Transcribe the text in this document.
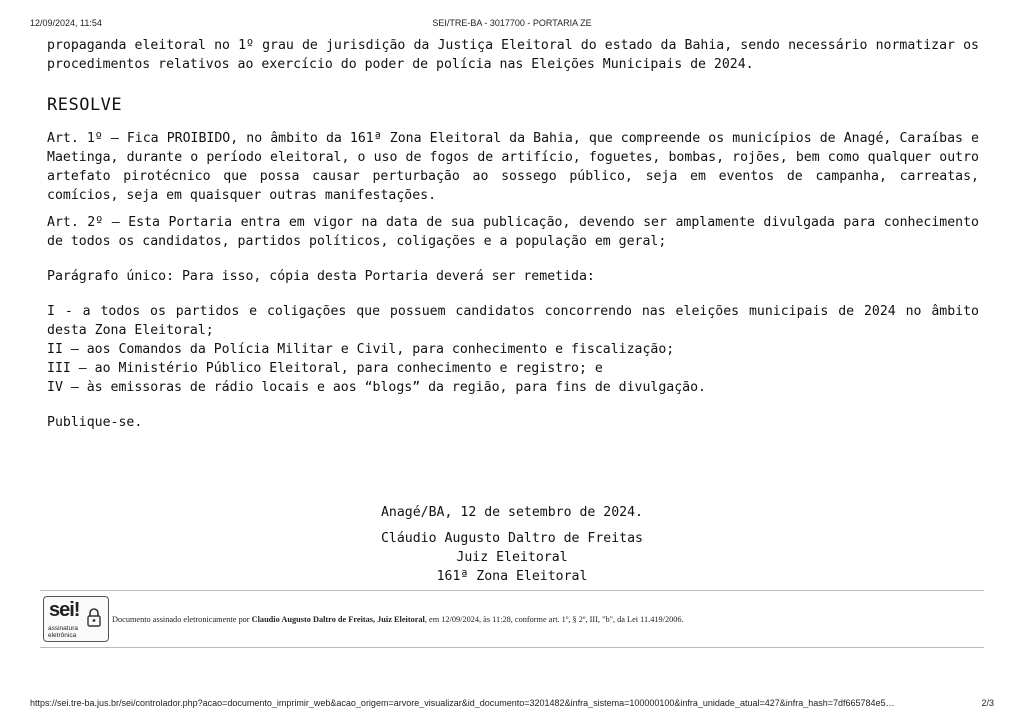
12/09/2024, 11:54	SEI/TRE-BA - 3017700 - PORTARIA ZE

propaganda eleitoral no 1º grau de jurisdição da Justiça Eleitoral do estado da Bahia, sendo necessário normatizar os procedimentos relativos ao exercício do poder de polícia nas Eleições Municipais de 2024.

RESOLVE

Art. 1º – Fica PROIBIDO, no âmbito da 161ª Zona Eleitoral da Bahia, que compreende os municípios de Anagé, Caraíbas e Maetinga, durante o período eleitoral, o uso de fogos de artifício, foguetes, bombas, rojões, bem como qualquer outro artefato pirotécnico que possa causar perturbação ao sossego público, seja em eventos de campanha, carreatas, comícios, seja em quaisquer outras manifestações.

Art. 2º – Esta Portaria entra em vigor na data de sua publicação, devendo ser amplamente divulgada para conhecimento de todos os candidatos, partidos políticos, coligações e a população em geral;

Parágrafo único: Para isso, cópia desta Portaria deverá ser remetida:

I - a todos os partidos e coligações que possuem candidatos concorrendo nas eleições municipais de 2024 no âmbito desta Zona Eleitoral;

II – aos Comandos da Polícia Militar e Civil, para conhecimento e fiscalização;

III – ao Ministério Público Eleitoral, para conhecimento e registro; e

IV – às emissoras de rádio locais e aos “blogs” da região, para fins de divulgação.

Publique-se.

Anagé/BA, 12 de setembro de 2024.
Cláudio Augusto Daltro de Freitas
Juiz Eleitoral
161ª Zona Eleitoral
sei!
assinatura
eletrônica
Documento assinado eletronicamente por Claudio Augusto Daltro de Freitas, Juiz Eleitoral, em 12/09/2024, às 11:28, conforme art. 1º, § 2º, III, "b", da Lei 11.419/2006.
https://sei.tre-ba.jus.br/sei/controlador.php?acao=documento_imprimir_web&acao_origem=arvore_visualizar&id_documento=3201482&infra_sistema=100000100&infra_unidade_atual=427&infra_hash=7df665784e5…	2/3
